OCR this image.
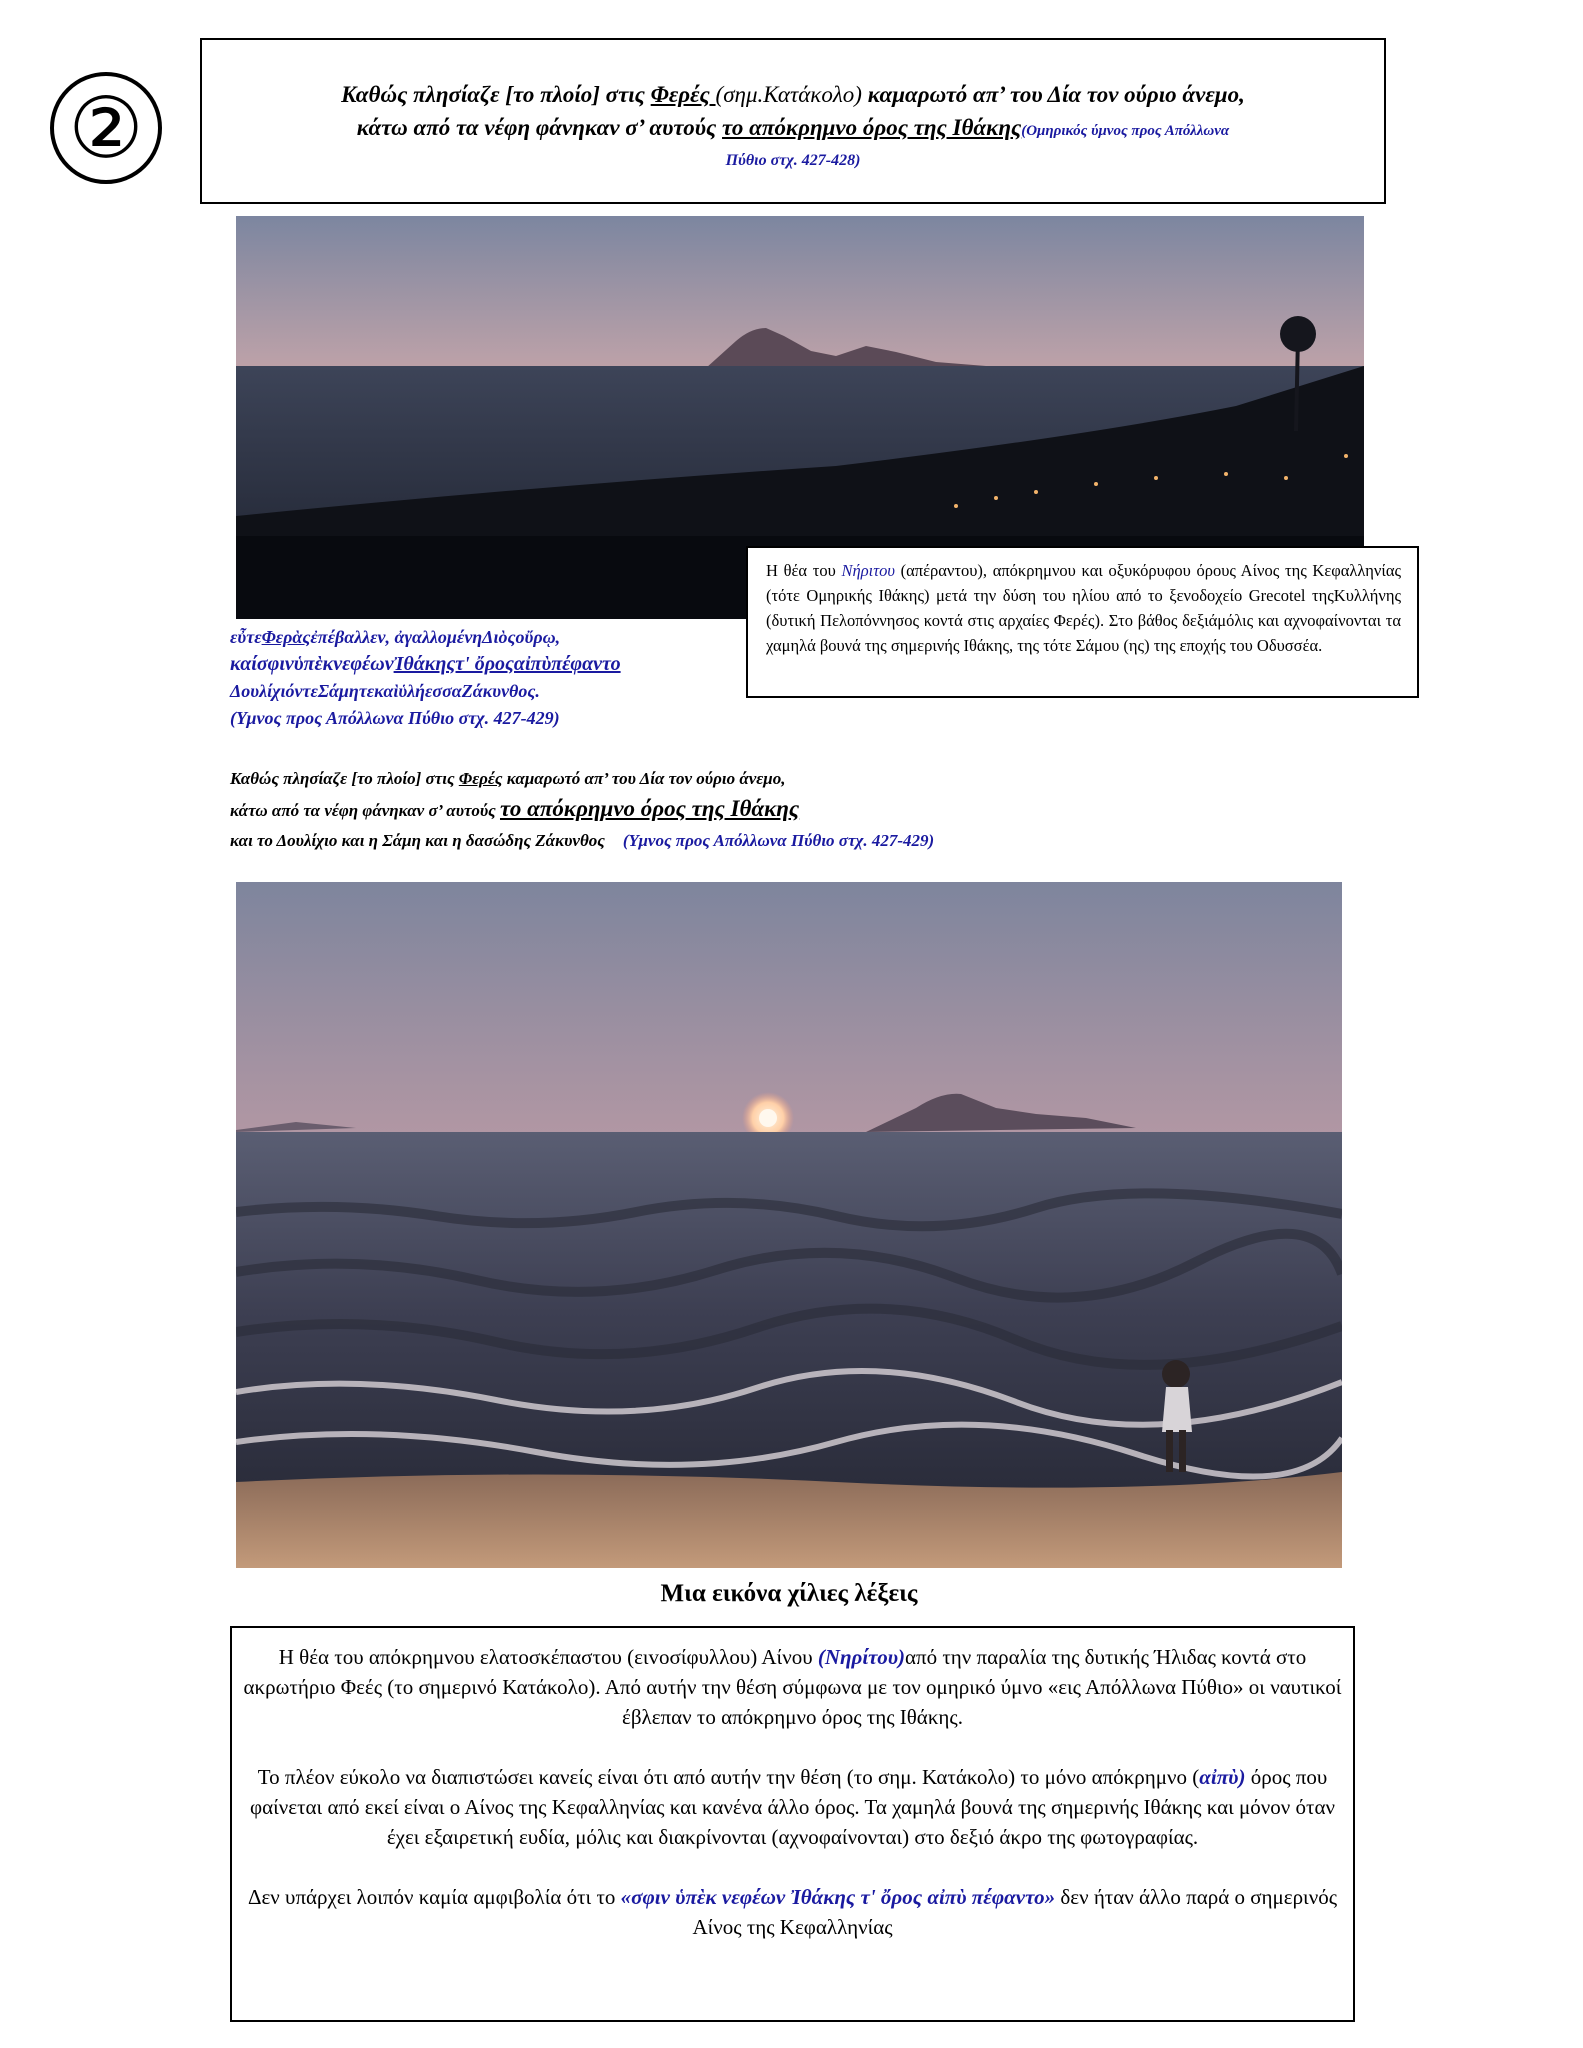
②	Καθώς πλησίαζε [το πλοίο] στις Φερές (σημ.Κατάκολο) καμαρωτό απ’ του Δία τον ούριο άνεμο,
κάτω από τα νέφη φάνηκαν σ’ αυτούς το απόκρημνο όρος της Ιθάκης(Ομηρικός ύμνος προς Απόλλωνα
Πύθιο στχ. 427-428)
Η θέα του Νήριτου (απέραντου), απόκρημνου και οξυκόρυφου όρους Αίνος της Κεφαλληνίας (τότε Ομηρικής Ιθάκης) μετά την δύση του ηλίου από το ξενοδοχείο Grecotel τηςΚυλλήνης (δυτική Πελοπόννησος κοντά στις αρχαίες Φερές). Στο βάθος δεξιάμόλις και αχνοφαίνονται τα χαμηλά βουνά της σημερινής Ιθάκης, της τότε Σάμου (ης) της εποχής του Οδυσσέα.
εὖτεΦερὰςἐπέβαλλεν, ἀγαλλομένηΔιὸςοὔρῳ,
καίσφινὑπὲκνεφέωνἸθάκηςτ' ὄροςαἰπὺπέφαντο
ΔουλίχιόντεΣάμητεκαὶὑλήεσσαΖάκυνθος.
(Υμνος προς Απόλλωνα Πύθιο στχ. 427-429)
Καθώς πλησίαζε [το πλοίο] στις Φερές καμαρωτό απ’ του Δία τον ούριο άνεμο,
κάτω από τα νέφη φάνηκαν σ’ αυτούς το απόκρημνο όρος της Ιθάκης
και το Δουλίχιο και η Σάμη και η δασώδης Ζάκυνθος (Υμνος προς Απόλλωνα Πύθιο στχ. 427-429)
Μια εικόνα χίλιες λέξεις

Η θέα του απόκρημνου ελατοσκέπαστου (ειvοσίφυλλου) Αίνου (Νηρίτου)από την παραλία της δυτικής Ήλιδας κοντά στο ακρωτήριο Φεές (το σημερινό Κατάκολο). Από αυτήν την θέση σύμφωνα με τον ομηρικό ύμνο «εις Απόλλωνα Πύθιο» οι ναυτικοί έβλεπαν το απόκρημνο όρος της Ιθάκης.

Το πλέον εύκολο να διαπιστώσει κανείς είναι ότι από αυτήν την θέση (το σημ. Κατάκολο) το μόνο απόκρημνο (αἰπὺ) όρος που φαίνεται από εκεί είναι ο Αίνος της Κεφαλληνίας και κανένα άλλο όρος. Τα χαμηλά βουνά της σημερινής Ιθάκης και μόνον όταν έχει εξαιρετική ευδία, μόλις και διακρίνονται (αχνοφαίνονται) στο δεξιό άκρο της φωτογραφίας.

Δεν υπάρχει λοιπόν καμία αμφιβολία ότι το «σφιν ὑπὲκ νεφέων Ἰθάκης τ' ὄρος αἰπὺ πέφαντο» δεν ήταν άλλο παρά ο σημερινός Αίνος της Κεφαλληνίας
